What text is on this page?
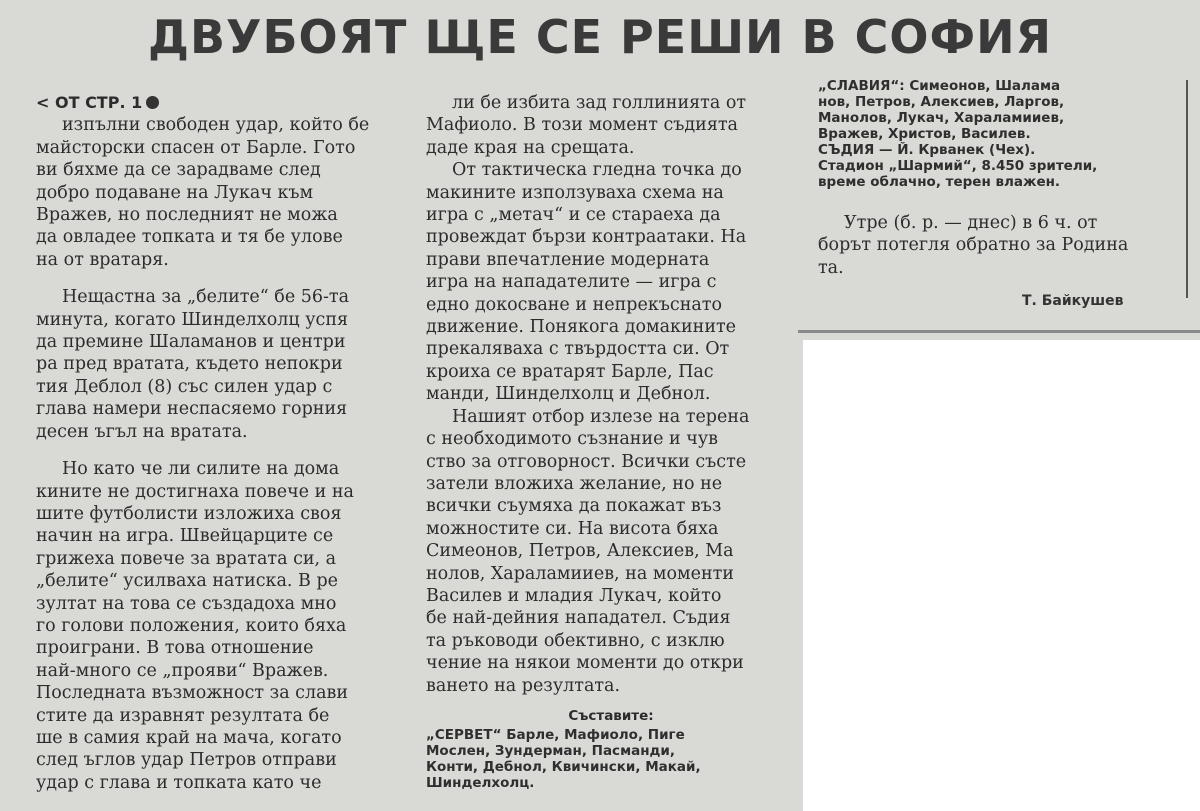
ДВУБОЯТ ЩЕ СЕ РЕШИ В СОФИЯ
< ОТ СТР. 1

изпълни свободен удар, който бе
майсторски спасен от Барле. Гото
ви бяхме да се зарадваме след
добро подаване на Лукач към
Вражев, но последният не можа
да овладее топката и тя бе улове
на от вратаря.

Нещастна за „белите“ бе 56-та
минута, когато Шинделхолц успя
да премине Шаламанов и центри
ра пред вратата, където непокри
тия Деблол (8) със силен удар с
глава намери неспасяемо горния
десен ъгъл на вратата.

Но като че ли силите на дома
кините не достигнаха повече и на
шите футболисти изложиха своя
начин на игра. Швейцарците се
грижеха повече за вратата си, а
„белите“ усилваха натиска. В ре
зултат на това се създадоха мно
го голови положения, които бяха
проиграни. В това отношение
най-много се „прояви“ Вражев.
Последната възможност за слави
стите да изравнят резултата бе
ше в самия край на мача, когато
след ъглов удар Петров отправи
удар с глава и топката като че

ли бе избита зад голлинията от
Мафиоло. В този момент съдията
даде края на срещата.

От тактическа гледна точка до
макините използуваха схема на
игра с „метач“ и се стараеха да
провеждат бързи контраатаки. На
прави впечатление модерната
игра на нападателите — игра с
едно докосване и непрекъснато
движение. Понякога домакините
прекаляваха с твърдостта си. От
кроиха се вратарят Барле, Пас
манди, Шинделхолц и Дебнол.

Нашият отбор излезе на терена
с необходимото съзнание и чув
ство за отговорност. Всички състе
затели вложиха желание, но не
всички съумяха да покажат въз
можностите си. На висота бяха
Симеонов, Петров, Алексиев, Ма
нолов, Хараламииев, на моменти
Василев и младия Лукач, който
бе най-дейния нападател. Съдия
та ръководи обективно, с изклю
чение на някои моменти до откри
ването на резултата.

Съставите:
„СЕРВЕТ“ Барле, Мафиоло, Пиге
Мослен, Зундерман, Пасманди,
Конти, Дебнол, Квичински, Макай,
Шинделхолц.
„СЛАВИЯ“: Симеонов, Шалама
нов, Петров, Алексиев, Ларгов,
Манолов, Лукач, Хараламииев,
Вражев, Христов, Василев.
СЪДИЯ — Й. Крванек (Чех).
Стадион „Шармий“, 8.450 зрители,
време облачно, терен влажен.

Утре (б. р. — днес) в 6 ч. от
борът потегля обратно за Родина
та.

Т. Байкушев
